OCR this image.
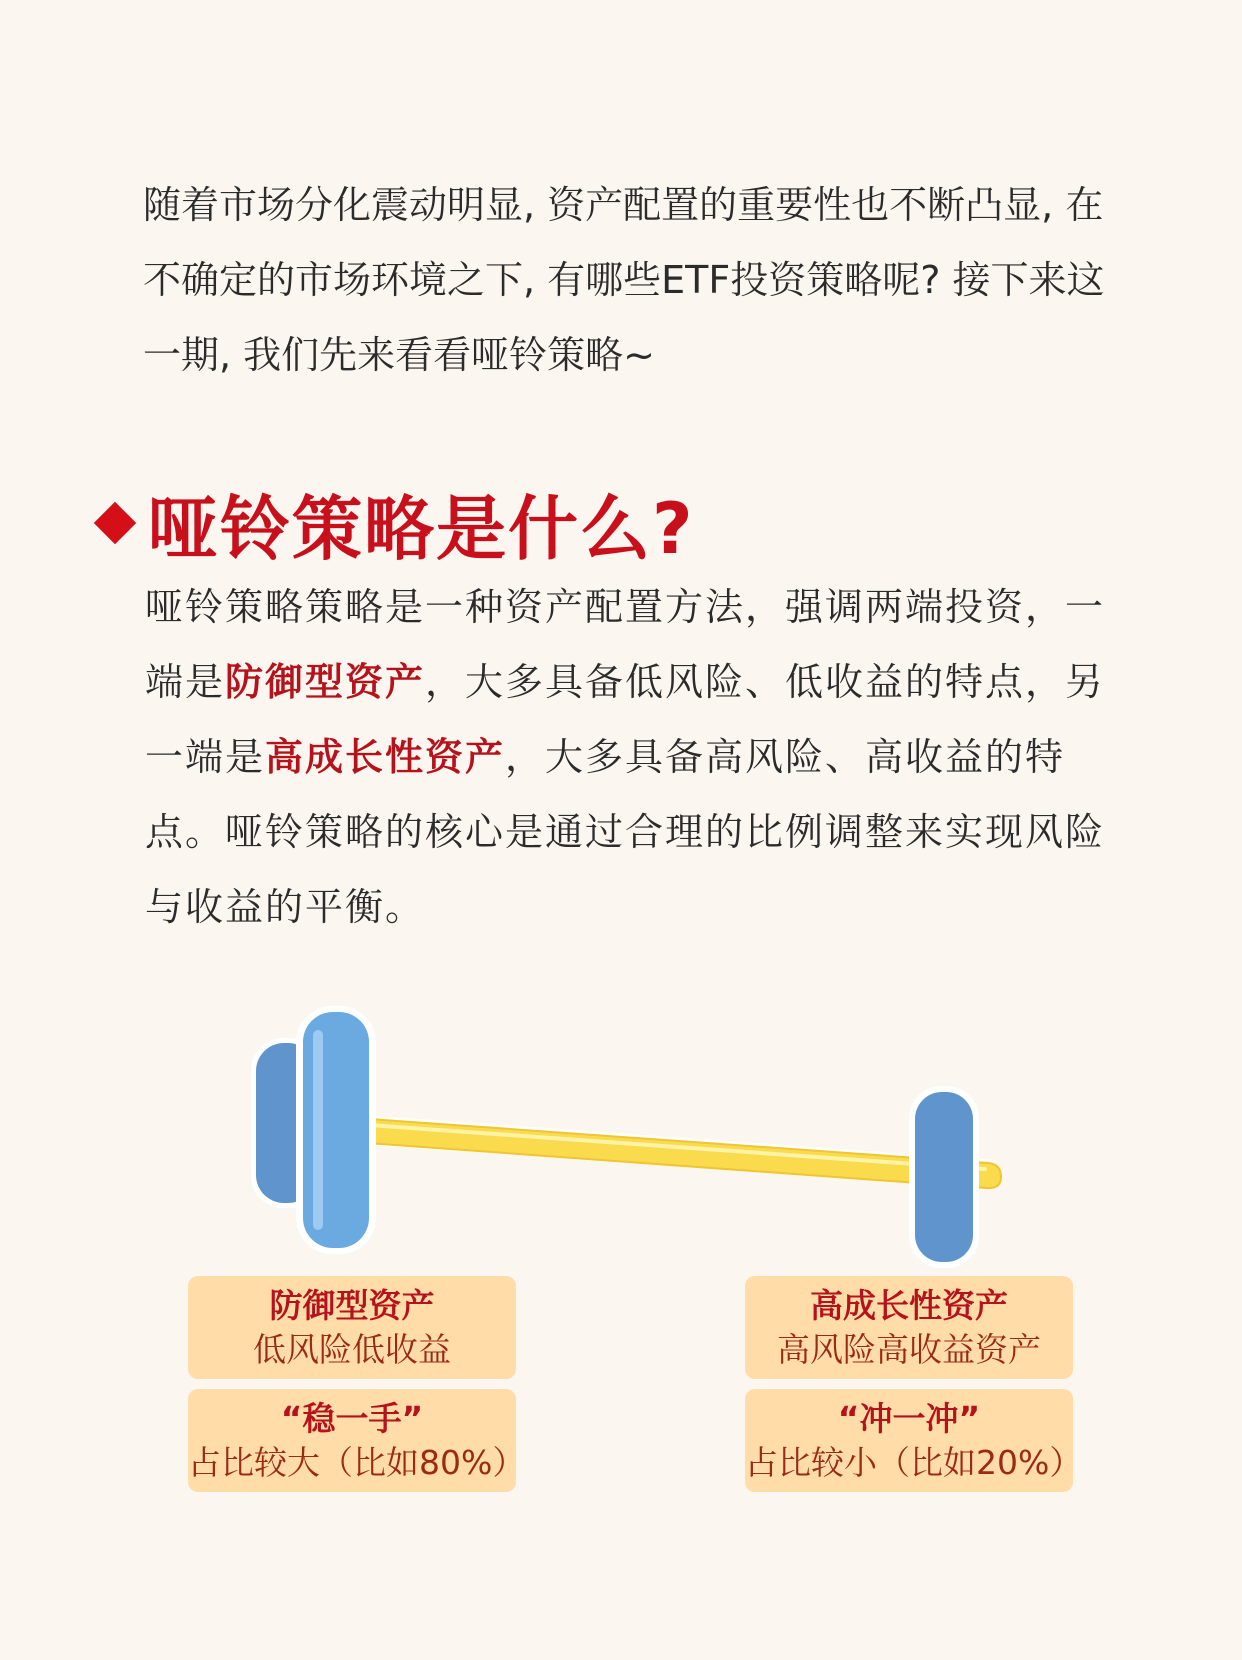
随着市场分化震动明显, 资产配置的重要性也不断凸显, 在

不确定的市场环境之下, 有哪些ETF投资策略呢? 接下来这

一期, 我们先来看看哑铃策略~

哑铃策略是什么?

哑铃策略策略是一种资产配置方法，强调两端投资，一

端是防御型资产，大多具备低风险、低收益的特点，另

一端是高成长性资产，大多具备高风险、高收益的特

点。哑铃策略的核心是通过合理的比例调整来实现风险

与收益的平衡。

防御型资产
低风险低收益
“稳一手”
占比较大（比如80%）
高成长性资产
高风险高收益资产
“冲一冲”
占比较小（比如20%）
